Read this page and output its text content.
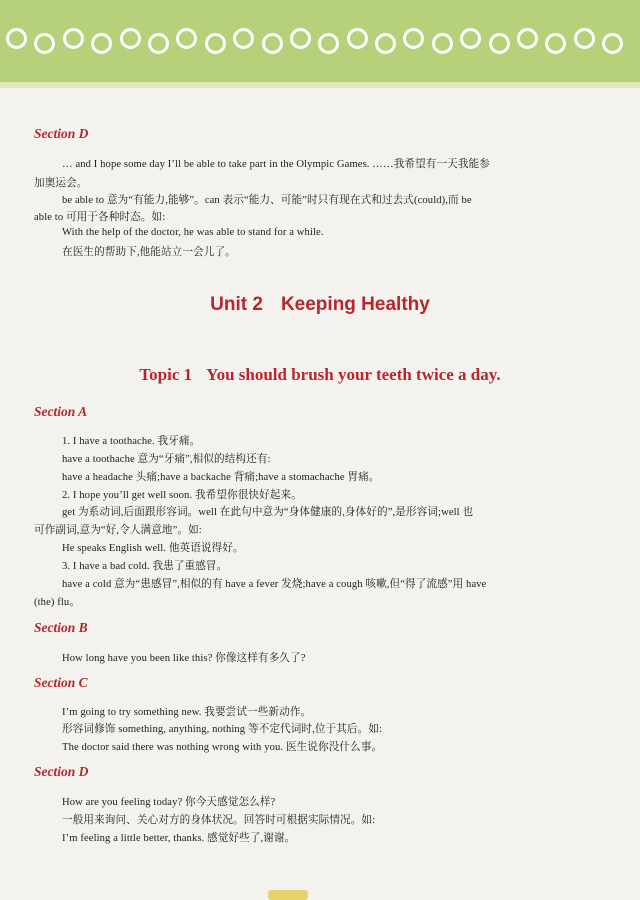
Section D
… and I hope some day I’ll be able to take part in the Olympic Games. ……我希望有一天我能参
加奥运会。
be able to 意为“有能力,能够”。can 表示“能力、可能”时只有现在式和过去式(could),而 be
able to 可用于各种时态。如:
With the help of the doctor, he was able to stand for a while.
在医生的帮助下,他能站立一会儿了。
Unit 2 Keeping Healthy
Topic 1 You should brush your teeth twice a day.
Section A
1. I have a toothache. 我牙痛。
have a toothache 意为“牙痛”,相似的结构还有:
have a headache 头痛;have a backache 背痛;have a stomachache 胃痛。
2. I hope you’ll get well soon. 我希望你很快好起来。
get 为系动词,后面跟形容词。well 在此句中意为“身体健康的,身体好的”,是形容词;well 也
可作副词,意为“好,令人满意地”。如:
He speaks English well. 他英语说得好。
3. I have a bad cold. 我患了重感冒。
have a cold 意为“患感冒”,相似的有 have a fever 发烧;have a cough 咳嗽,但“得了流感”用 have
(the) flu。
Section B
How long have you been like this? 你像这样有多久了?
Section C
I’m going to try something new. 我要尝试一些新动作。
形容词修饰 something, anything, nothing 等不定代词时,位于其后。如:
The doctor said there was nothing wrong with you. 医生说你没什么事。
Section D
How are you feeling today? 你今天感觉怎么样?
一般用来询问、关心对方的身体状况。回答时可根据实际情况。如:
I’m feeling a little better, thanks. 感觉好些了,谢谢。
